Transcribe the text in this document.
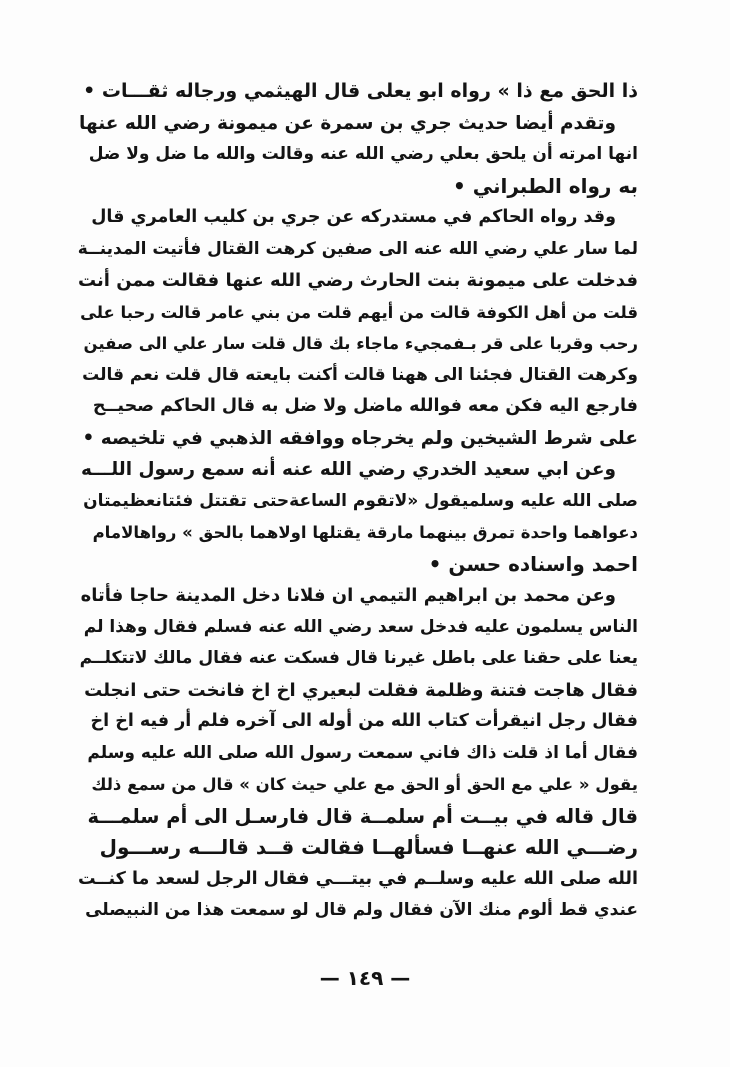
ذا الحق مع ذا » رواه ابو يعلى قال الهيثمي ورجاله ثقـــات •
وتقدم أيضا حديث جري بن سمرة عن ميمونة رضي الله عنها
انها امرته أن يلحق بعلي رضي الله عنه وقالت والله ما ضل ولا ضل
به رواه الطبراني •
وقد رواه الحاكم في مستدركه عن جري بن كليب العامري قال
لما سار علي رضي الله عنه الى صفين كرهت القتال فأتيت المدينــة
فدخلت على ميمونة بنت الحارث رضي الله عنها فقالت ممن أنت
قلت من أهل الكوفة قالت من أيهم قلت من بني عامر قالت رحبا على
رحب وقربا على قر بـفمجيء ماجاء بك قال قلت سار علي الى صفين
وكرهت القتال فجئنا الى ههنا قالت أكنت بايعته قال قلت نعم قالت
فارجع اليه فكن معه فوالله ماضل ولا ضل به قال الحاكم صحيــح
على شرط الشيخين ولم يخرجاه ووافقه الذهبي في تلخيصه •
وعن ابي سعيد الخدري رضي الله عنه أنه سمع رسول اللـــه
صلى الله عليه وسلميقول «لاتقوم الساعةحتى تقتتل فئتانعظيمتان
دعواهما واحدة تمرق بينهما مارقة يقتلها اولاهما بالحق » رواهالامام
احمد واسناده حسن •
وعن محمد بن ابراهيم التيمي ان فلانا دخل المدينة حاجا فأتاه
الناس يسلمون عليه فدخل سعد رضي الله عنه فسلم فقال وهذا لم
يعنا على حقنا على باطل غيرنا قال فسكت عنه فقال مالك لاتتكلــم
فقال هاجت فتنة وظلمة فقلت لبعيري اخ اخ فانخت حتى انجلت
فقال رجل انيقرأت كتاب الله من أوله الى آخره فلم أر فيه اخ اخ
فقال أما اذ قلت ذاك فاني سمعت رسول الله صلى الله عليه وسلم
يقول « علي مع الحق أو الحق مع علي حيث كان » قال من سمع ذلك
قال قاله في بيــت أم سلمــة قال فارسـل الى أم سلمـــة
رضـــي الله عنهــا فسألهــا فقالت قــد قالـــه رســـول
الله صلى الله عليه وسلــم في بيتـــي فقال الرجل لسعد ما كنــت
عندي قط ألوم منك الآن فقال ولم قال لو سمعت هذا من النبيصلى
— ١٤٩ —
